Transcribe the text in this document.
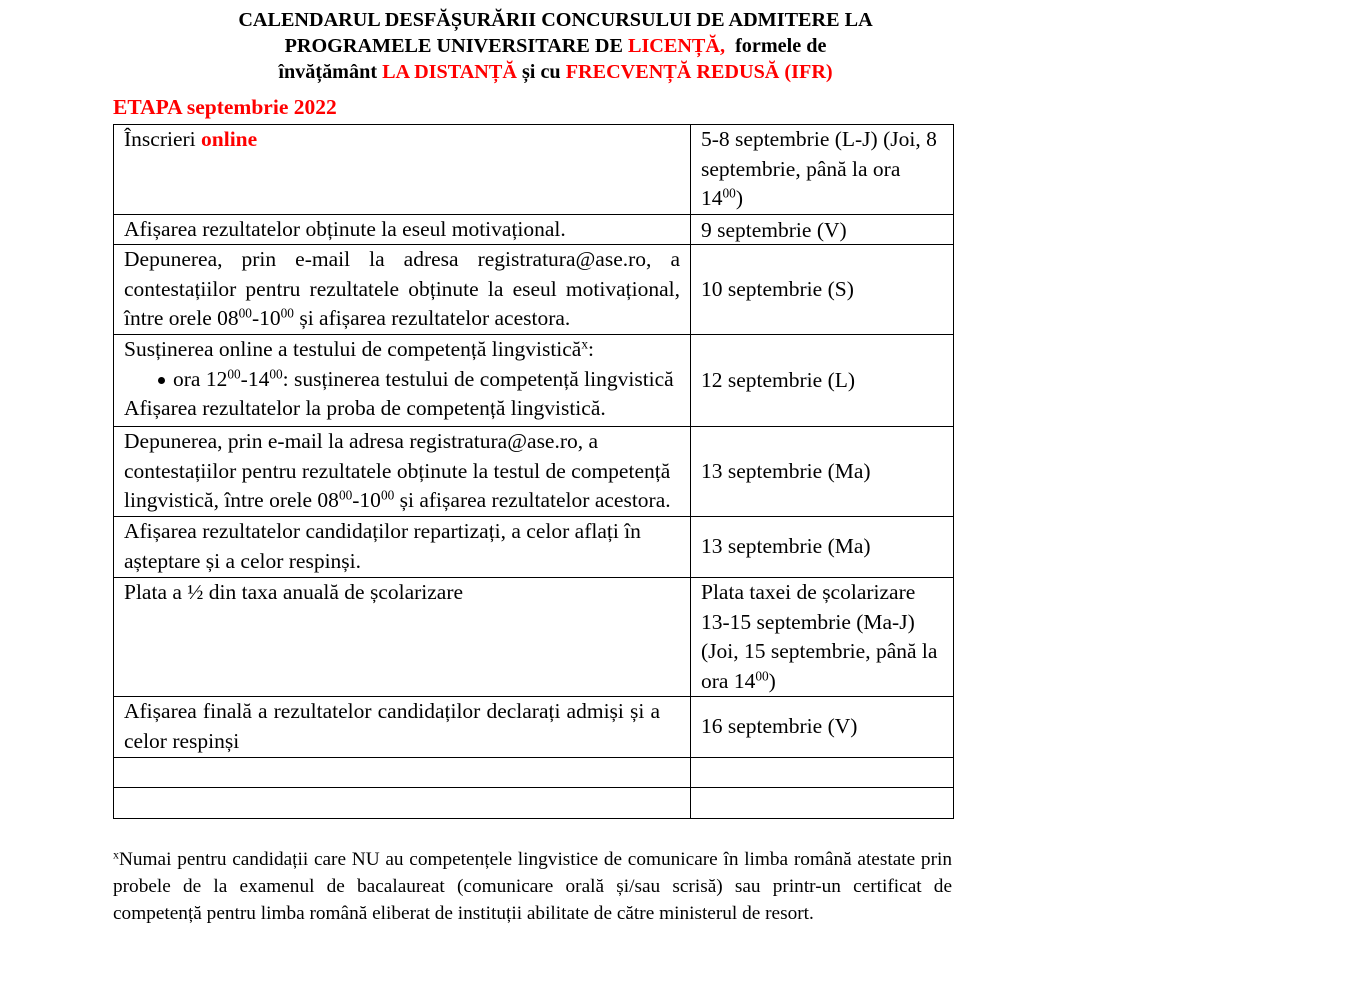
CALENDARUL DESFĂȘURĂRII CONCURSULUI DE ADMITERE LA
PROGRAMELE UNIVERSITARE DE LICENȚĂ, formele de
învățământ LA DISTANȚĂ și cu FRECVENȚĂ REDUSĂ (IFR)
ETAPA septembrie 2022
Înscrieri online	5-8 septembrie (L-J) (Joi, 8
septembrie, până la ora
$14^{00}$)

Afișarea rezultatelor obținute la eseul motivațional.	9 septembrie (V)

Depunerea, prin e-mail la adresa registratura@ase.ro, a
contestațiilor pentru rezultatele obținute la eseul motivațional,
între orele $08^{00}-10^{00}$ și afișarea rezultatelor acestora.	10 septembrie (S)

Susținerea online a testului de competență lingvistică$^x$:
ora $12^{00}-14^{00}$: susținerea testului de competență lingvistică
Afișarea rezultatelor la proba de competență lingvistică.	12 septembrie (L)

Depunerea, prin e-mail la adresa registratura@ase.ro, a
contestațiilor pentru rezultatele obținute la testul de competență
lingvistică, între orele $08^{00}-10^{00}$ și afișarea rezultatelor acestora.	13 septembrie (Ma)

Afișarea rezultatelor candidaților repartizați, a celor aflați în
așteptare și a celor respinși.	13 septembrie (Ma)

Plata a ½ din taxa anuală de școlarizare	Plata taxei de școlarizare
13-15 septembrie (Ma-J)
(Joi, 15 septembrie, până la
ora $14^{00}$)

Afișarea finală a rezultatelor candidaților declarați admiși și a
celor respinși	16 septembrie (V)

$^x$Numai pentru candidații care NU au competențele lingvistice de comunicare în limba română atestate prin
probele de la examenul de bacalaureat (comunicare orală și/sau scrisă) sau printr-un certificat de
competență pentru limba română eliberat de instituții abilitate de către ministerul de resort.
